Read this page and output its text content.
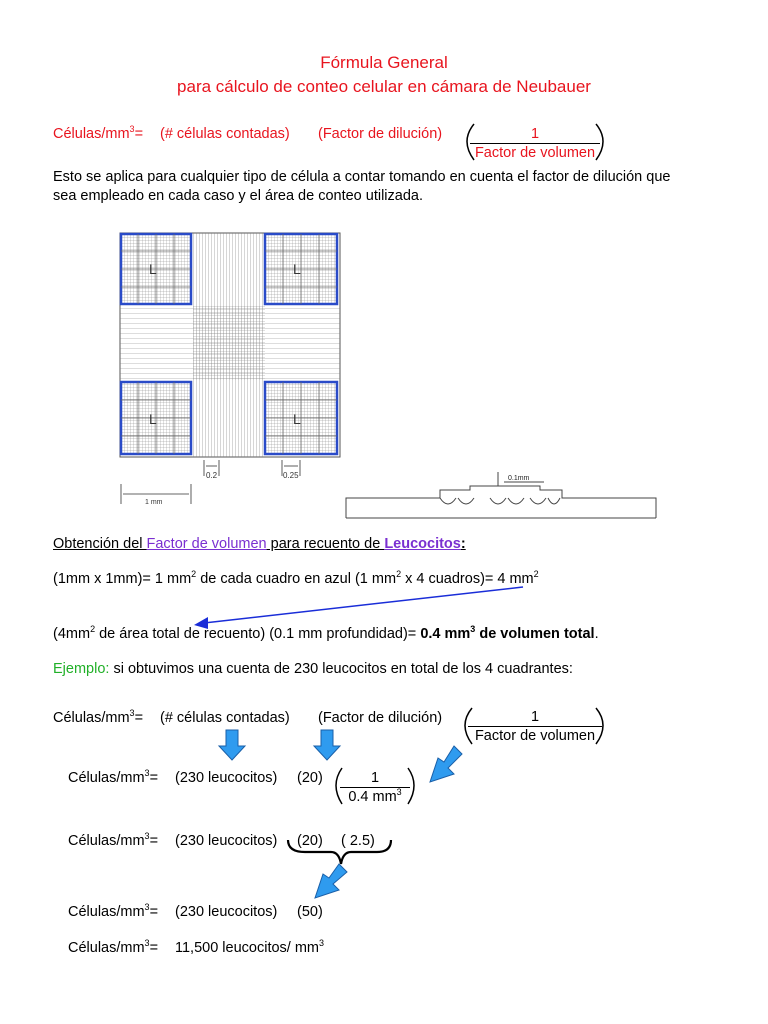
Fórmula General
para cálculo de conteo celular en cámara de Neubauer
Células/$mm^3=$ (# células contadas) (Factor de dilución)	1
Factor de volumen
Esto se aplica para cualquier tipo de célula a contar tomando en cuenta el factor de dilución que
sea empleado en cada caso y el área de conteo utilizada.
L	L
L	L
0.2	0.25
1 mm
0.1mm
Obtención del Factor de volumen para recuento de Leucocitos:
(1mm x 1mm)= 1 $mm^2$ de cada cuadro en azul (1 $mm^2$ x 4 cuadros)= 4 $mm^2$
($4mm^2$ de área total de recuento) (0.1 mm profundidad)= 0.4 $mm^3$ de volumen total.
Ejemplo: si obtuvimos una cuenta de 230 leucocitos en total de los 4 cuadrantes:
Células/$mm^3=$ (# células contadas) (Factor de dilución)	1
Factor de volumen
Células/$mm^3= (230$ leucocitos) $(20) \frac{1}{0.4 mm^3}$
Células/$mm^3= (230$ leucocitos) (20) ( 2.5)
Células/$mm^3= (230$ leucocitos) (50)
Células/$mm^3= 11,500$ leucocitos/ $mm^3$
